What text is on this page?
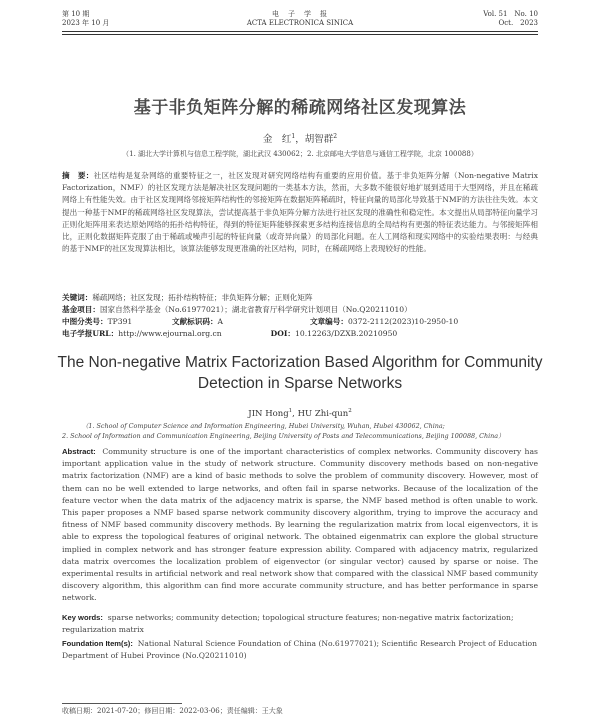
第 10 期
2023 年 10 月
电　子　学　报
ACTA ELECTRONICA SINICA
Vol. 51　No. 10
Oct.　2023
基于非负矩阵分解的稀疏网络社区发现算法
金　红$^1$，胡智群$^2$
（1. 湖北大学计算机与信息工程学院，湖北武汉 430062；2. 北京邮电大学信息与通信工程学院，北京 100088）
摘　要：社区结构是复杂网络的重要特征之一，社区发现对研究网络结构有重要的应用价值。基于非负矩阵分解（Non-negative Matrix Factorization，NMF）的社区发现方法是解决社区发现问题的一类基本方法，然而，大多数不能很好地扩展到适用于大型网络，并且在稀疏网络上有性能失效。由于社区发现网络邻接矩阵结构性的邻接矩阵在数据矩阵稀疏时，特征向量的局部化导致基于NMF的方法往往失效。本文提出一种基于NMF的稀疏网络社区发现算法，尝试提高基于非负矩阵分解方法进行社区发现的准确性和稳定性。本文提出从局部特征向量学习正则化矩阵用来表达原始网络的拓扑结构特征，得到的特征矩阵能够探索更多结构连接信息的全局结构有更强的特征表达能力。与邻接矩阵相比，正则化数据矩阵克服了由于稀疏或噪声引起的特征向量（或奇异向量）的局部化问题。在人工网络和现实网络中的实验结果表明：与经典的基于NMF的社区发现算法相比，该算法能够发现更准确的社区结构，同时，在稀疏网络上表现较好的性能。
关键词：稀疏网络；社区发现；拓扑结构特征；非负矩阵分解；正则化矩阵
基金项目：国家自然科学基金（No.61977021）；湖北省教育厅科学研究计划项目（No.Q20211010）
中图分类号：TP391	文献标识码：A	文章编号：0372-2112(2023)10-2950-10
电子学报URL：http://www.ejournal.org.cn	DOI：10.12263/DZXB.20210950
The Non-negative Matrix Factorization Based Algorithm for Community Detection in Sparse Networks
JIN Hong$^1$, HU Zhi-qun$^2$
（1. School of Computer Science and Information Engineering, Hubei University, Wuhan, Hubei 430062, China;
2. School of Information and Communication Engineering, Beijing University of Posts and Telecommunications, Beijing 100088, China）
Abstract: Community structure is one of the important characteristics of complex networks. Community discovery has important application value in the study of network structure. Community discovery methods based on non-negative matrix factorization (NMF) are a kind of basic methods to solve the problem of community discovery. However, most of them can no be well extended to large networks, and often fail in sparse networks. Because of the localization of the feature vector when the data matrix of the adjacency matrix is sparse, the NMF based method is often unable to work. This paper proposes a NMF based sparse network community discovery algorithm, trying to improve the accuracy and fitness of NMF based community discovery methods. By learning the regularization matrix from local eigenvectors, it is able to express the topological features of original network. The obtained eigenmatrix can explore the global structure implied in complex network and has stronger feature expression ability. Compared with adjacency matrix, regularized data matrix overcomes the localization problem of eigenvector (or singular vector) caused by sparse or noise. The experimental results in artificial network and real network show that compared with the classical NMF based community discovery algorithm, this algorithm can find more accurate community structure, and has better performance in sparse network.
Key words: sparse networks; community detection; topological structure features; non-negative matrix factorization; regularization matrix
Foundation Item(s): National Natural Science Foundation of China (No.61977021); Scientific Research Project of Education Department of Hubei Province (No.Q20211010)
收稿日期：2021-07-20；修回日期：2022-03-06；责任编辑：王大象
